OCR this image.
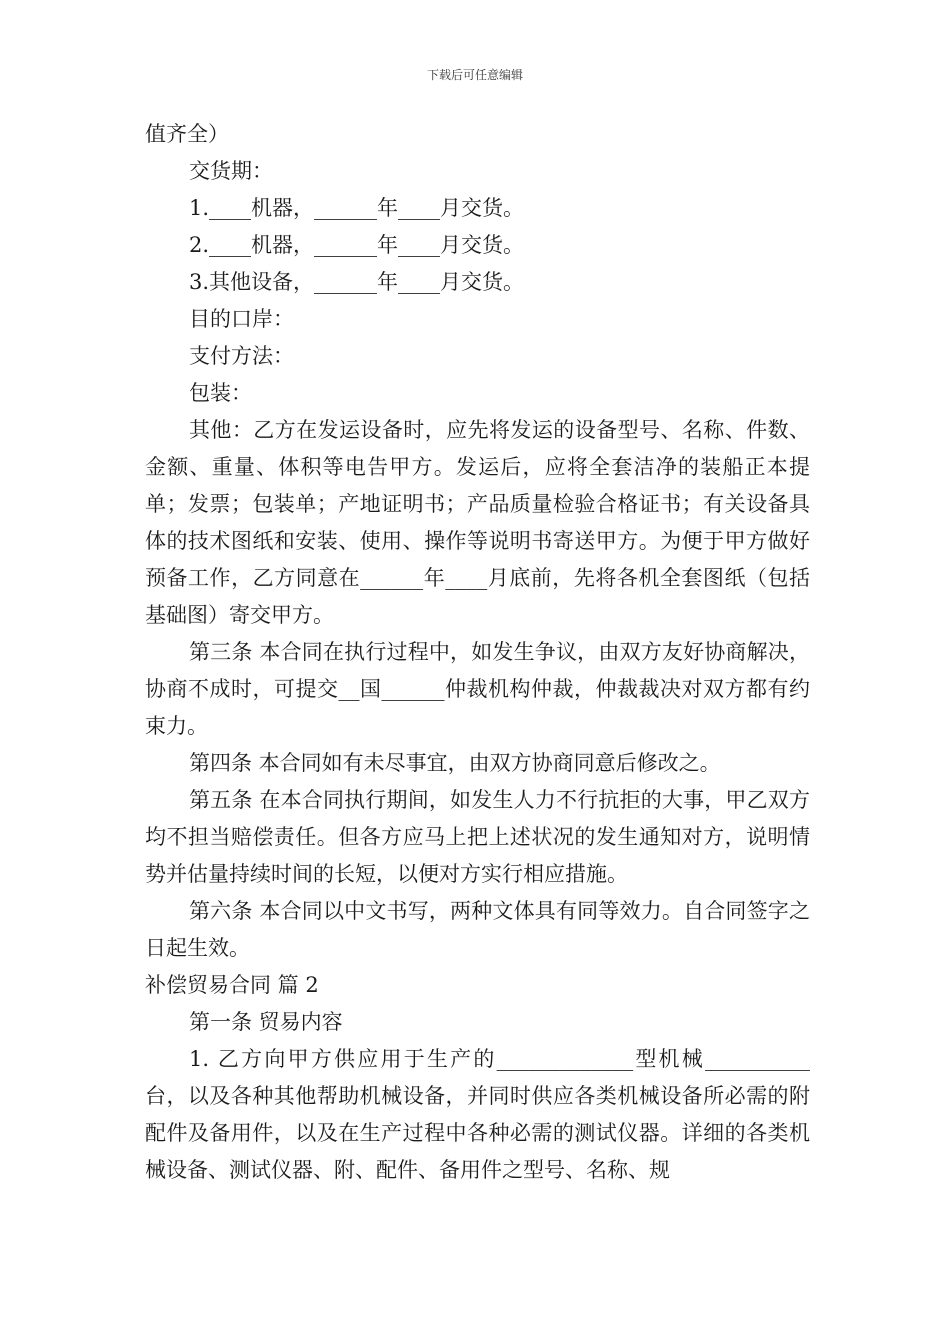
下载后可任意编辑

值齐全）

交货期：

1.____机器，______年____月交货。

2.____机器，______年____月交货。

3.其他设备，______年____月交货。

目的口岸：

支付方法：

包装：

其他：乙方在发运设备时，应先将发运的设备型号、名称、件数、金额、重量、体积等电告甲方。发运后，应将全套洁净的装船正本提单；发票；包装单；产地证明书；产品质量检验合格证书；有关设备具体的技术图纸和安装、使用、操作等说明书寄送甲方。为便于甲方做好预备工作，乙方同意在______年____月底前，先将各机全套图纸（包括基础图）寄交甲方。

第三条 本合同在执行过程中，如发生争议，由双方友好协商解决，协商不成时，可提交__国______仲裁机构仲裁，仲裁裁决对双方都有约束力。

第四条 本合同如有未尽事宜，由双方协商同意后修改之。

第五条 在本合同执行期间，如发生人力不行抗拒的大事，甲乙双方均不担当赔偿责任。但各方应马上把上述状况的发生通知对方，说明情势并估量持续时间的长短，以便对方实行相应措施。

第六条 本合同以中文书写，两种文体具有同等效力。自合同签字之日起生效。

补偿贸易合同 篇 2

第一条 贸易内容

1. 乙方向甲方供应用于生产的_____________型机械__________台，以及各种其他帮助机械设备，并同时供应各类机械设备所必需的附配件及备用件，以及在生产过程中各种必需的测试仪器。详细的各类机械设备、测试仪器、附、配件、备用件之型号、名称、规
